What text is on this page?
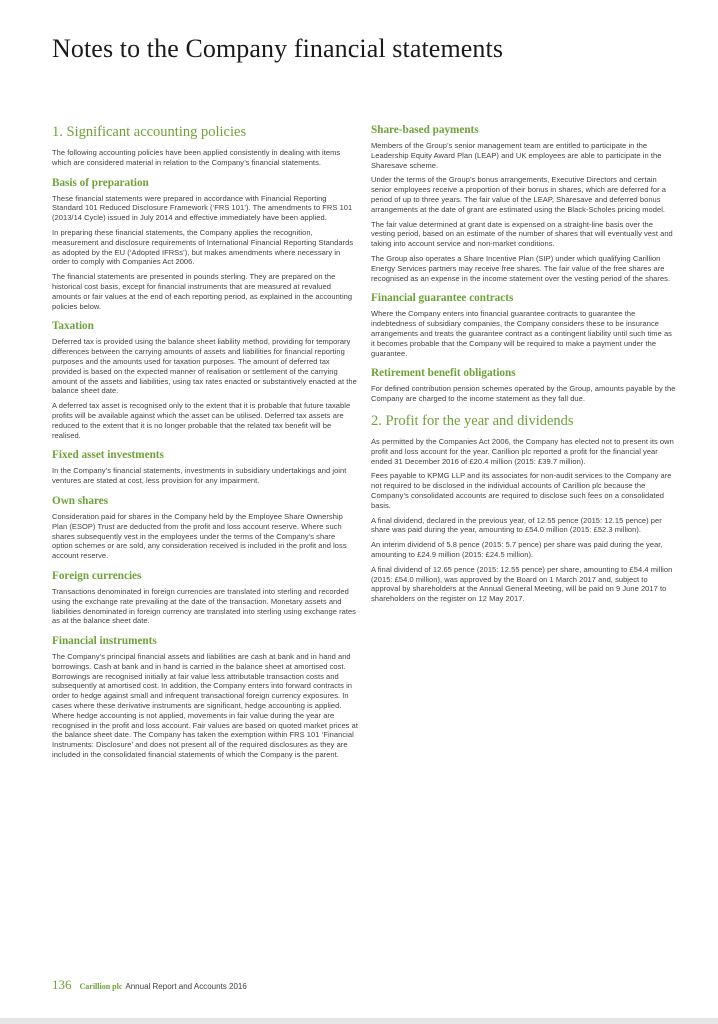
Notes to the Company financial statements
1. Significant accounting policies

The following accounting policies have been applied consistently in dealing with items which are considered material in relation to the Company’s financial statements.

Basis of preparation

These financial statements were prepared in accordance with Financial Reporting Standard 101 Reduced Disclosure Framework (‘FRS 101’). The amendments to FRS 101 (2013/14 Cycle) issued in July 2014 and effective immediately have been applied.

In preparing these financial statements, the Company applies the recognition, measurement and disclosure requirements of International Financial Reporting Standards as adopted by the EU (‘Adopted IFRSs’), but makes amendments where necessary in order to comply with Companies Act 2006.

The financial statements are presented in pounds sterling. They are prepared on the historical cost basis, except for financial instruments that are measured at revalued amounts or fair values at the end of each reporting period, as explained in the accounting policies below.

Taxation

Deferred tax is provided using the balance sheet liability method, providing for temporary differences between the carrying amounts of assets and liabilities for financial reporting purposes and the amounts used for taxation purposes. The amount of deferred tax provided is based on the expected manner of realisation or settlement of the carrying amount of the assets and liabilities, using tax rates enacted or substantively enacted at the balance sheet date.

A deferred tax asset is recognised only to the extent that it is probable that future taxable profits will be available against which the asset can be utilised. Deferred tax assets are reduced to the extent that it is no longer probable that the related tax benefit will be realised.

Fixed asset investments

In the Company’s financial statements, investments in subsidiary undertakings and joint ventures are stated at cost, less provision for any impairment.

Own shares

Consideration paid for shares in the Company held by the Employee Share Ownership Plan (ESOP) Trust are deducted from the profit and loss account reserve. Where such shares subsequently vest in the employees under the terms of the Company’s share option schemes or are sold, any consideration received is included in the profit and loss account reserve.

Foreign currencies

Transactions denominated in foreign currencies are translated into sterling and recorded using the exchange rate prevailing at the date of the transaction. Monetary assets and liabilities denominated in foreign currency are translated into sterling using exchange rates as at the balance sheet date.

Financial instruments

The Company’s principal financial assets and liabilities are cash at bank and in hand and borrowings. Cash at bank and in hand is carried in the balance sheet at amortised cost. Borrowings are recognised initially at fair value less attributable transaction costs and subsequently at amortised cost. In addition, the Company enters into forward contracts in order to hedge against small and infrequent transactional foreign currency exposures. In cases where these derivative instruments are significant, hedge accounting is applied. Where hedge accounting is not applied, movements in fair value during the year are recognised in the profit and loss account. Fair values are based on quoted market prices at the balance sheet date. The Company has taken the exemption within FRS 101 ‘Financial Instruments: Disclosure’ and does not present all of the required disclosures as they are included in the consolidated financial statements of which the Company is the parent.

Share-based payments

Members of the Group’s senior management team are entitled to participate in the Leadership Equity Award Plan (LEAP) and UK employees are able to participate in the Sharesave scheme.

Under the terms of the Group’s bonus arrangements, Executive Directors and certain senior employees receive a proportion of their bonus in shares, which are deferred for a period of up to three years. The fair value of the LEAP, Sharesave and deferred bonus arrangements at the date of grant are estimated using the Black-Scholes pricing model.

The fair value determined at grant date is expensed on a straight-line basis over the vesting period, based on an estimate of the number of shares that will eventually vest and taking into account service and non-market conditions.

The Group also operates a Share Incentive Plan (SIP) under which qualifying Carillion Energy Services partners may receive free shares. The fair value of the free shares are recognised as an expense in the income statement over the vesting period of the shares.

Financial guarantee contracts

Where the Company enters into financial guarantee contracts to guarantee the indebtedness of subsidiary companies, the Company considers these to be insurance arrangements and treats the guarantee contract as a contingent liability until such time as it becomes probable that the Company will be required to make a payment under the guarantee.

Retirement benefit obligations

For defined contribution pension schemes operated by the Group, amounts payable by the Company are charged to the income statement as they fall due.

2. Profit for the year and dividends

As permitted by the Companies Act 2006, the Company has elected not to present its own profit and loss account for the year. Carillion plc reported a profit for the financial year ended 31 December 2016 of £20.4 million (2015: £39.7 million).

Fees payable to KPMG LLP and its associates for non-audit services to the Company are not required to be disclosed in the individual accounts of Carillion plc because the Company’s consolidated accounts are required to disclose such fees on a consolidated basis.

A final dividend, declared in the previous year, of 12.55 pence (2015: 12.15 pence) per share was paid during the year, amounting to £54.0 million (2015: £52.3 million).

An interim dividend of 5.8 pence (2015: 5.7 pence) per share was paid during the year, amounting to £24.9 million (2015: £24.5 million).

A final dividend of 12.65 pence (2015: 12.55 pence) per share, amounting to £54.4 million (2015: £54.0 million), was approved by the Board on 1 March 2017 and, subject to approval by shareholders at the Annual General Meeting, will be paid on 9 June 2017 to shareholders on the register on 12 May 2017.

136 Carillion plc Annual Report and Accounts 2016
